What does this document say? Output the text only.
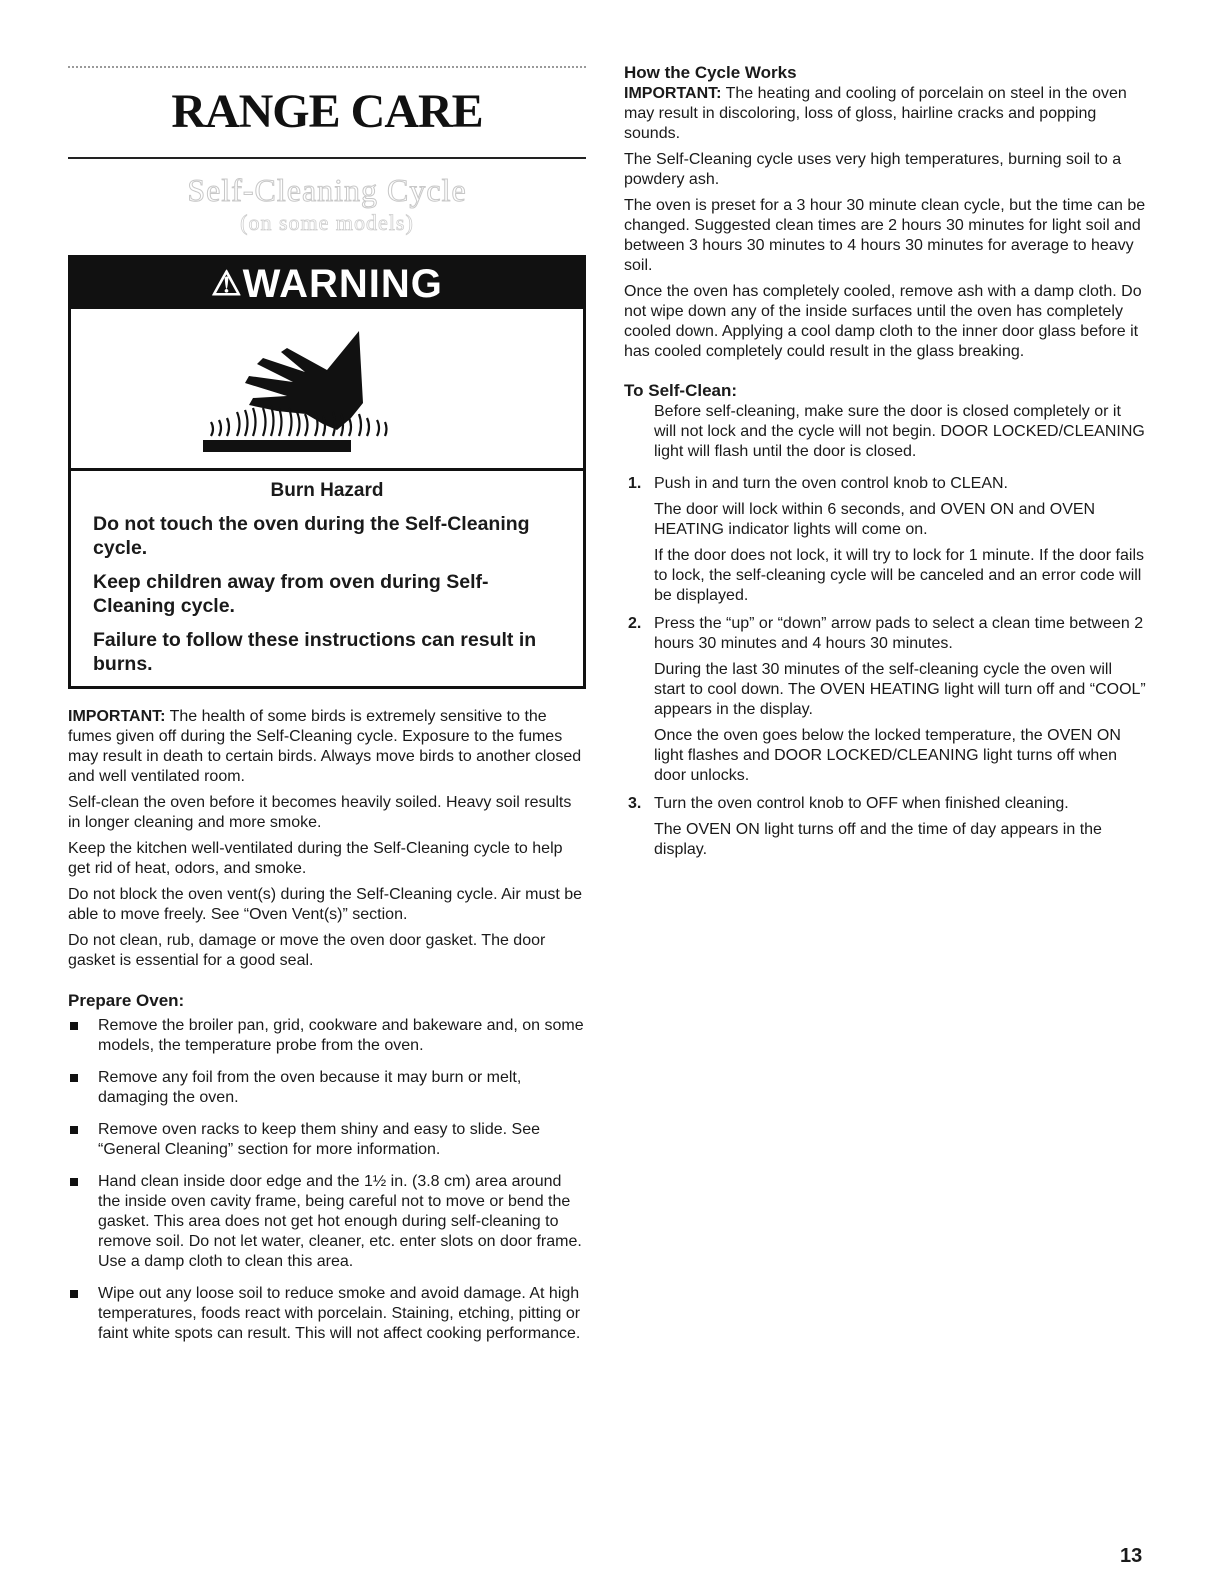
RANGE CARE
Self-Cleaning Cycle
(on some models)
⚠WARNING
Burn Hazard
Do not touch the oven during the Self-Cleaning cycle.
Keep children away from oven during Self-Cleaning cycle.
Failure to follow these instructions can result in burns.

IMPORTANT: The health of some birds is extremely sensitive to the fumes given off during the Self-Cleaning cycle. Exposure to the fumes may result in death to certain birds. Always move birds to another closed and well ventilated room.

Self-clean the oven before it becomes heavily soiled. Heavy soil results in longer cleaning and more smoke.

Keep the kitchen well-ventilated during the Self-Cleaning cycle to help get rid of heat, odors, and smoke.

Do not block the oven vent(s) during the Self-Cleaning cycle. Air must be able to move freely. See “Oven Vent(s)” section.

Do not clean, rub, damage or move the oven door gasket. The door gasket is essential for a good seal.

Prepare Oven:
Remove the broiler pan, grid, cookware and bakeware and, on some models, the temperature probe from the oven.
Remove any foil from the oven because it may burn or melt, damaging the oven.
Remove oven racks to keep them shiny and easy to slide. See “General Cleaning” section for more information.
Hand clean inside door edge and the 1½ in. (3.8 cm) area around the inside oven cavity frame, being careful not to move or bend the gasket. This area does not get hot enough during self-cleaning to remove soil. Do not let water, cleaner, etc. enter slots on door frame. Use a damp cloth to clean this area.
Wipe out any loose soil to reduce smoke and avoid damage. At high temperatures, foods react with porcelain. Staining, etching, pitting or faint white spots can result. This will not affect cooking performance.
How the Cycle Works

IMPORTANT: The heating and cooling of porcelain on steel in the oven may result in discoloring, loss of gloss, hairline cracks and popping sounds.

The Self-Cleaning cycle uses very high temperatures, burning soil to a powdery ash.

The oven is preset for a 3 hour 30 minute clean cycle, but the time can be changed. Suggested clean times are 2 hours 30 minutes for light soil and between 3 hours 30 minutes to 4 hours 30 minutes for average to heavy soil.

Once the oven has completely cooled, remove ash with a damp cloth. Do not wipe down any of the inside surfaces until the oven has completely cooled down. Applying a cool damp cloth to the inner door glass before it has cooled completely could result in the glass breaking.

To Self-Clean:

Before self-cleaning, make sure the door is closed completely or it will not lock and the cycle will not begin. DOOR LOCKED/CLEANING light will flash until the door is closed.

1. Push in and turn the oven control knob to CLEAN.

The door will lock within 6 seconds, and OVEN ON and OVEN HEATING indicator lights will come on.

If the door does not lock, it will try to lock for 1 minute. If the door fails to lock, the self-cleaning cycle will be canceled and an error code will be displayed.

2. Press the “up” or “down” arrow pads to select a clean time between 2 hours 30 minutes and 4 hours 30 minutes.

During the last 30 minutes of the self-cleaning cycle the oven will start to cool down. The OVEN HEATING light will turn off and “COOL” appears in the display.

Once the oven goes below the locked temperature, the OVEN ON light flashes and DOOR LOCKED/CLEANING light turns off when door unlocks.

3. Turn the oven control knob to OFF when finished cleaning.

The OVEN ON light turns off and the time of day appears in the display.

13
